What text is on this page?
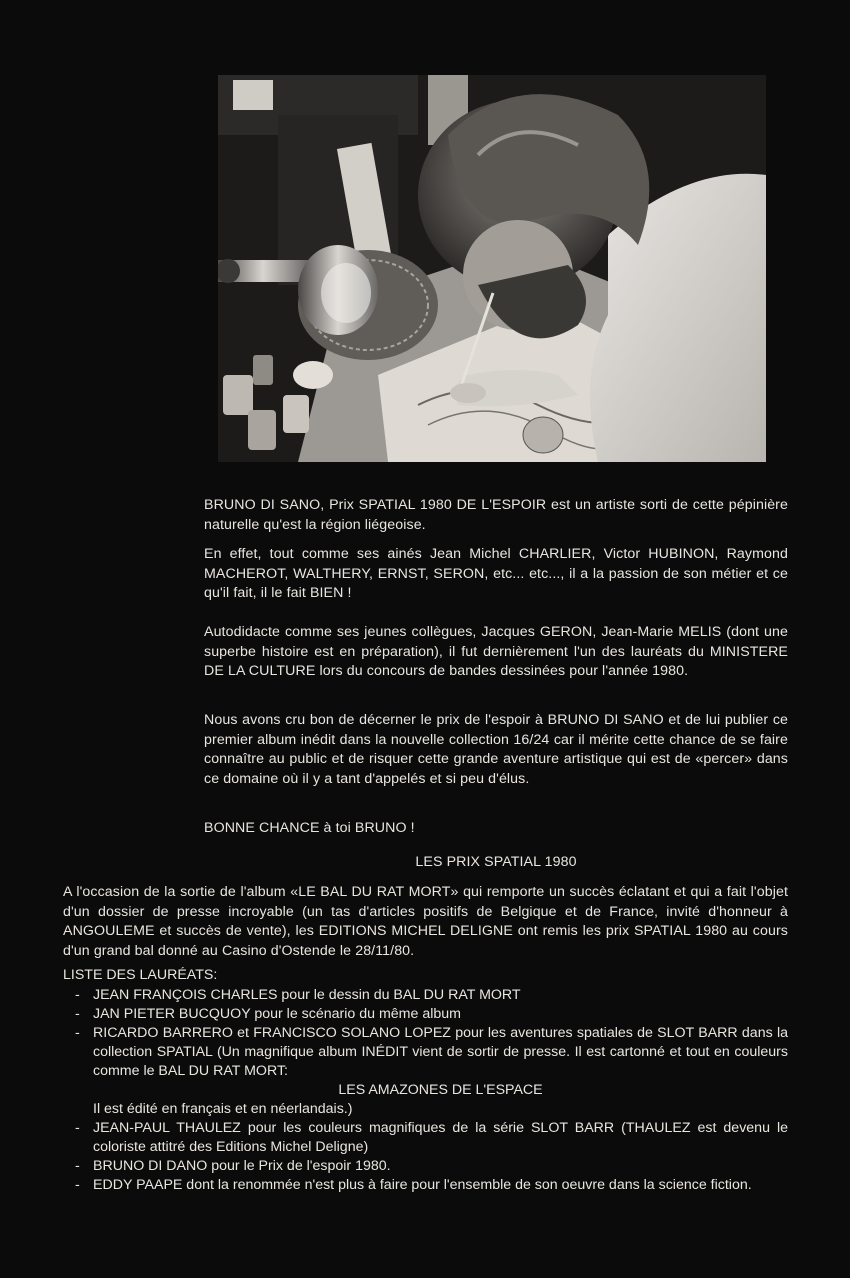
BRUNO DI SANO, Prix SPATIAL 1980 DE L'ESPOIR est un artiste sorti de cette pépinière naturelle qu'est la région liégeoise.

En effet, tout comme ses ainés Jean Michel CHARLIER, Victor HUBINON, Raymond MACHEROT, WALTHERY, ERNST, SERON, etc... etc..., il a la passion de son métier et ce qu'il fait, il le fait BIEN !

Autodidacte comme ses jeunes collègues, Jacques GERON, Jean-Marie MELIS (dont une superbe histoire est en préparation), il fut dernièrement l'un des lauréats du MINISTERE DE LA CULTURE lors du concours de bandes dessinées pour l'année 1980.

Nous avons cru bon de décerner le prix de l'espoir à BRUNO DI SANO et de lui publier ce premier album inédit dans la nouvelle collection 16/24 car il mérite cette chance de se faire connaître au public et de risquer cette grande aventure artistique qui est de «percer» dans ce domaine où il y a tant d'appelés et si peu d'élus.

BONNE CHANCE à toi BRUNO !

LES PRIX SPATIAL 1980

A l'occasion de la sortie de l'album «LE BAL DU RAT MORT» qui remporte un succès éclatant et qui a fait l'objet d'un dossier de presse incroyable (un tas d'articles positifs de Belgique et de France, invité d'honneur à ANGOULEME et succès de vente), les EDITIONS MICHEL DELIGNE ont remis les prix SPATIAL 1980 au cours d'un grand bal donné au Casino d'Ostende le 28/11/80.

LISTE DES LAURÉATS:

- JEAN FRANÇOIS CHARLES pour le dessin du BAL DU RAT MORT
- JAN PIETER BUCQUOY pour le scénario du même album
- RICARDO BARRERO et FRANCISCO SOLANO LOPEZ pour les aventures spatiales de SLOT BARR dans la collection SPATIAL (Un magnifique album INÉDIT vient de sortir de presse. Il est cartonné et tout en couleurs comme le BAL DU RAT MORT:
LES AMAZONES DE L'ESPACE
Il est édité en français et en néerlandais.)
- JEAN-PAUL THAULEZ pour les couleurs magnifiques de la série SLOT BARR (THAULEZ est devenu le coloriste attitré des Editions Michel Deligne)
- BRUNO DI DANO pour le Prix de l'espoir 1980.
- EDDY PAAPE dont la renommée n'est plus à faire pour l'ensemble de son oeuvre dans la science fiction.
